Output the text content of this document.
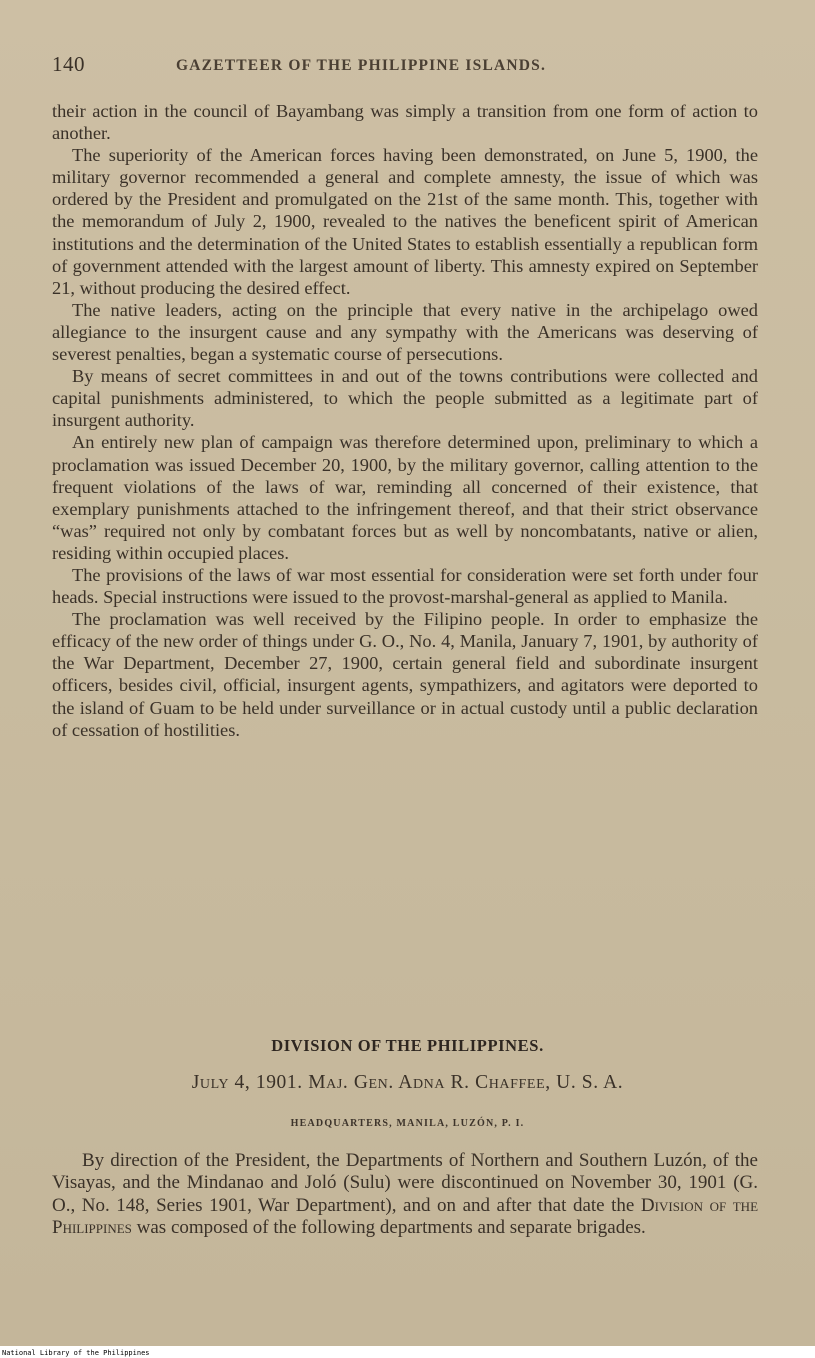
140	GAZETTEER OF THE PHILIPPINE ISLANDS.

their action in the council of Bayambang was simply a transition from one form of action to another.

The superiority of the American forces having been demonstrated, on June 5, 1900, the military governor recommended a general and complete amnesty, the issue of which was ordered by the President and promulgated on the 21st of the same month. This, together with the memorandum of July 2, 1900, revealed to the natives the beneficent spirit of American institutions and the determination of the United States to establish essentially a republican form of government attended with the largest amount of liberty. This amnesty expired on September 21, without producing the desired effect.

The native leaders, acting on the principle that every native in the archipelago owed allegiance to the insurgent cause and any sympathy with the Americans was deserving of severest penalties, began a systematic course of persecutions.

By means of secret committees in and out of the towns contributions were collected and capital punishments administered, to which the people submitted as a legitimate part of insurgent authority.

An entirely new plan of campaign was therefore determined upon, preliminary to which a proclamation was issued December 20, 1900, by the military governor, calling attention to the frequent violations of the laws of war, reminding all concerned of their existence, that exemplary punishments attached to the infringement thereof, and that their strict observance “was” required not only by combatant forces but as well by noncombatants, native or alien, residing within occupied places.

The provisions of the laws of war most essential for consideration were set forth under four heads. Special instructions were issued to the provost-marshal-general as applied to Manila.

The proclamation was well received by the Filipino people. In order to emphasize the efficacy of the new order of things under G. O., No. 4, Manila, January 7, 1901, by authority of the War Department, December 27, 1900, certain general field and subordinate insurgent officers, besides civil, official, insurgent agents, sympathizers, and agitators were deported to the island of Guam to be held under surveillance or in actual custody until a public declaration of cessation of hostilities.

DIVISION OF THE PHILIPPINES.
July 4, 1901. Maj. Gen. Adna R. Chaffee, U. S. A.
HEADQUARTERS, MANILA, LUZÓN, P. I.

By direction of the President, the Departments of Northern and Southern Luzón, of the Visayas, and the Mindanao and Joló (Sulu) were discontinued on November 30, 1901 (G. O., No. 148, Series 1901, War Department), and on and after that date the Division of the Philippines was composed of the following departments and separate brigades.

National Library of the Philippines
